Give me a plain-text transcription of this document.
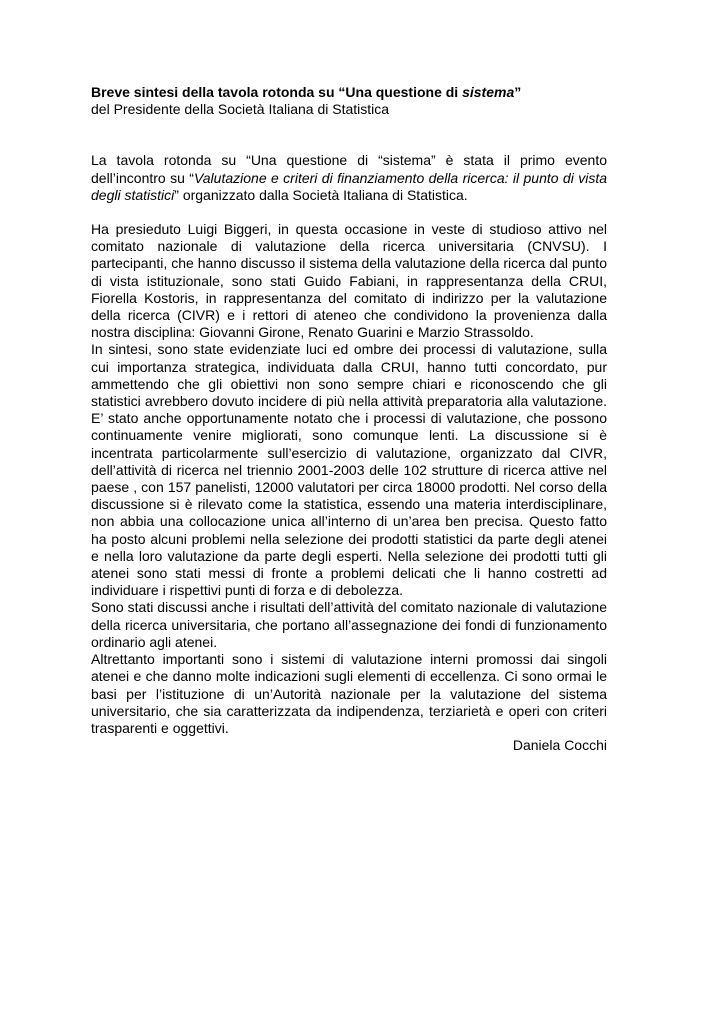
Breve sintesi della tavola rotonda su “Una questione di sistema”

del Presidente della Società Italiana di Statistica

La tavola rotonda su “Una questione di “sistema” è stata il primo evento dell’incontro su “Valutazione e criteri di finanziamento della ricerca: il punto di vista degli statistici” organizzato dalla Società Italiana di Statistica.

Ha presieduto Luigi Biggeri, in questa occasione in veste di studioso attivo nel comitato nazionale di valutazione della ricerca universitaria (CNVSU). I partecipanti, che hanno discusso il sistema della valutazione della ricerca dal punto di vista istituzionale, sono stati Guido Fabiani, in rappresentanza della CRUI, Fiorella Kostoris, in rappresentanza del comitato di indirizzo per la valutazione della ricerca (CIVR) e i rettori di ateneo che condividono la provenienza dalla nostra disciplina: Giovanni Girone, Renato Guarini e Marzio Strassoldo.

In sintesi, sono state evidenziate luci ed ombre dei processi di valutazione, sulla cui importanza strategica, individuata dalla CRUI, hanno tutti concordato, pur ammettendo che gli obiettivi non sono sempre chiari e riconoscendo che gli statistici avrebbero dovuto incidere di più nella attività preparatoria alla valutazione. E’ stato anche opportunamente notato che i processi di valutazione, che possono continuamente venire migliorati, sono comunque lenti. La discussione si è incentrata particolarmente sull’esercizio di valutazione, organizzato dal CIVR, dell’attività di ricerca nel triennio 2001-2003 delle 102 strutture di ricerca attive nel paese , con 157 panelisti, 12000 valutatori per circa 18000 prodotti. Nel corso della discussione si è rilevato come la statistica, essendo una materia interdisciplinare, non abbia una collocazione unica all’interno di un’area ben precisa. Questo fatto ha posto alcuni problemi nella selezione dei prodotti statistici da parte degli atenei e nella loro valutazione da parte degli esperti. Nella selezione dei prodotti tutti gli atenei sono stati messi di fronte a problemi delicati che li hanno costretti ad individuare i rispettivi punti di forza e di debolezza.

Sono stati discussi anche i risultati dell’attività del comitato nazionale di valutazione della ricerca universitaria, che portano all’assegnazione dei fondi di funzionamento ordinario agli atenei.

Altrettanto importanti sono i sistemi di valutazione interni promossi dai singoli atenei e che danno molte indicazioni sugli elementi di eccellenza. Ci sono ormai le basi per l’istituzione di un’Autorità nazionale per la valutazione del sistema universitario, che sia caratterizzata da indipendenza, terziarietà e operi con criteri trasparenti e oggettivi.

Daniela Cocchi
